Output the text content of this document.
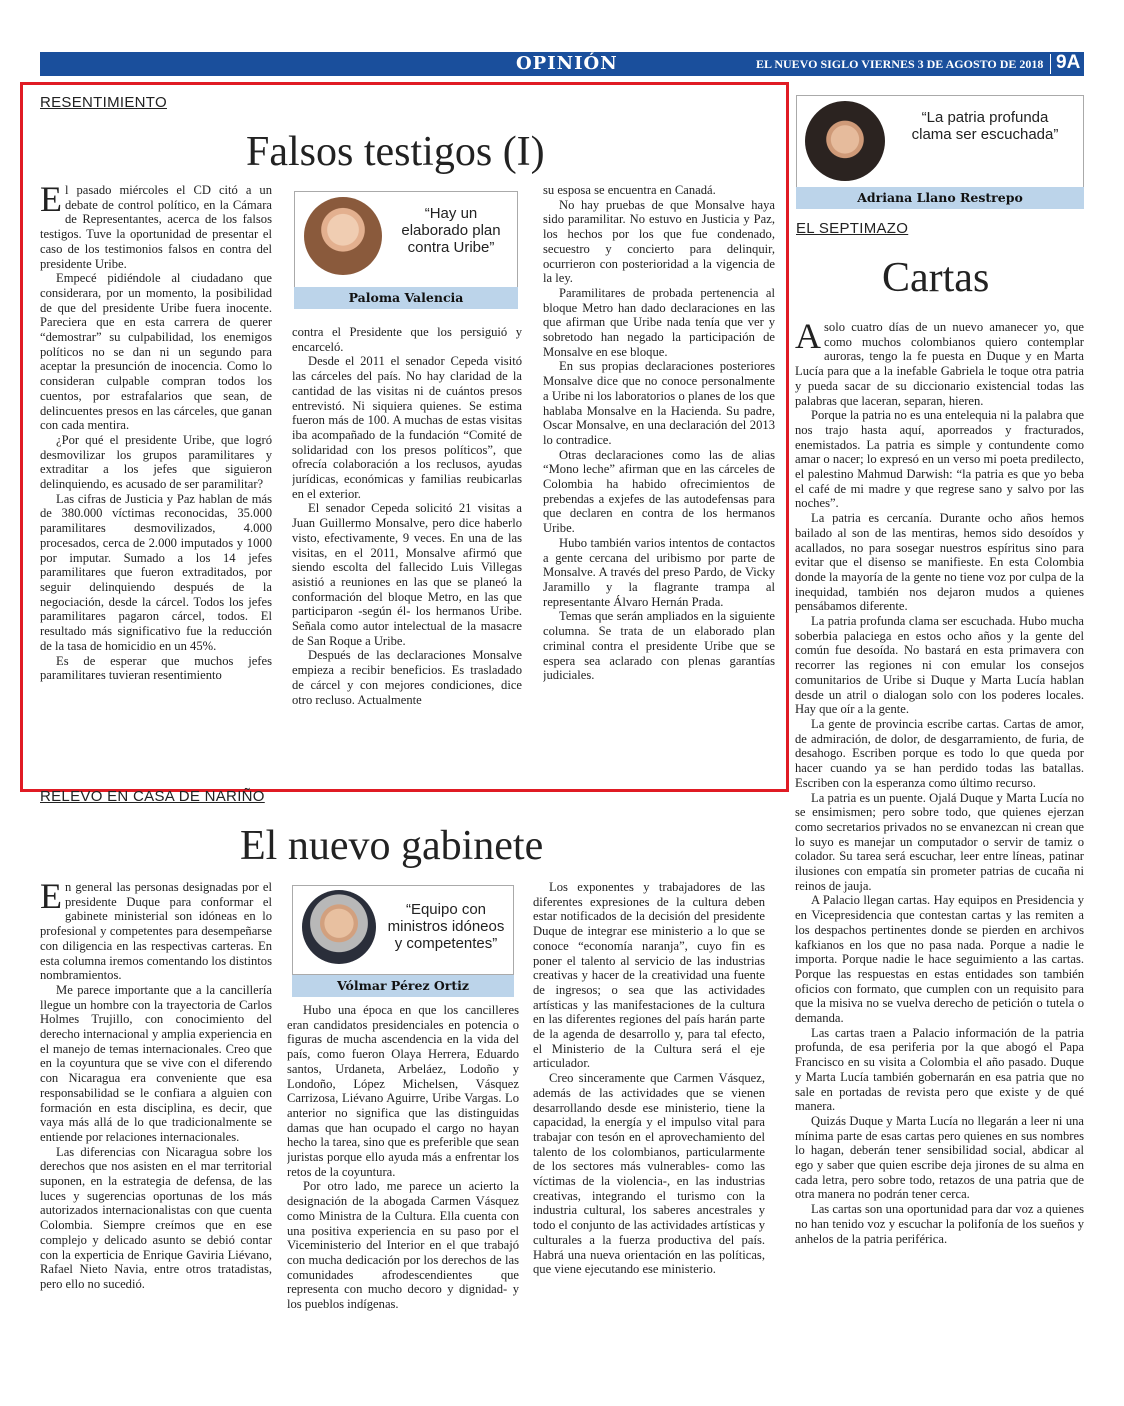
OPINIÓN	EL NUEVO SIGLO VIERNES 3 DE AGOSTO DE 2018 9A
RESENTIMIENTO
Falsos testigos (I)

El pasado miércoles el CD citó a un debate de control político, en la Cámara de Representantes, acerca de los falsos testigos. Tuve la oportunidad de presentar el caso de los testimonios falsos en contra del presidente Uribe.

Empecé pidiéndole al ciudadano que considerara, por un momento, la posibilidad de que del presidente Uribe fuera inocente. Pareciera que en esta carrera de querer “demostrar” su culpabilidad, los enemigos políticos no se dan ni un segundo para aceptar la presunción de inocencia. Como lo consideran culpable compran todos los cuentos, por estrafalarios que sean, de delincuentes presos en las cárceles, que ganan con cada mentira.

¿Por qué el presidente Uribe, que logró desmovilizar los grupos paramilitares y extraditar a los jefes que siguieron delinquiendo, es acusado de ser paramilitar?

Las cifras de Justicia y Paz hablan de más de 380.000 víctimas reconocidas, 35.000 paramilitares desmovilizados, 4.000 procesados, cerca de 2.000 imputados y 1000 por imputar. Sumado a los 14 jefes paramilitares que fueron extraditados, por seguir delinquiendo después de la negociación, desde la cárcel. Todos los jefes paramilitares pagaron cárcel, todos. El resultado más significativo fue la reducción de la tasa de homicidio en un 45%.

Es de esperar que muchos jefes paramilitares tuvieran resentimiento

“Hay un elaborado plan contra Uribe”
Paloma Valencia

contra el Presidente que los persiguió y encarceló.

Desde el 2011 el senador Cepeda visitó las cárceles del país. No hay claridad de la cantidad de las visitas ni de cuántos presos entrevistó. Ni siquiera quienes. Se estima fueron más de 100. A muchas de estas visitas iba acompañado de la fundación “Comité de solidaridad con los presos políticos”, que ofrecía colaboración a los reclusos, ayudas jurídicas, económicas y familias reubicarlas en el exterior.

El senador Cepeda solicitó 21 visitas a Juan Guillermo Monsalve, pero dice haberlo visto, efectivamente, 9 veces. En una de las visitas, en el 2011, Monsalve afirmó que siendo escolta del fallecido Luis Villegas asistió a reuniones en las que se planeó la conformación del bloque Metro, en las que participaron -según él- los hermanos Uribe. Señala como autor intelectual de la masacre de San Roque a Uribe.

Después de las declaraciones Monsalve empieza a recibir beneficios. Es trasladado de cárcel y con mejores condiciones, dice otro recluso. Actualmente

su esposa se encuentra en Canadá.

No hay pruebas de que Monsalve haya sido paramilitar. No estuvo en Justicia y Paz, los hechos por los que fue condenado, secuestro y concierto para delinquir, ocurrieron con posterioridad a la vigencia de la ley.

Paramilitares de probada pertenencia al bloque Metro han dado declaraciones en las que afirman que Uribe nada tenía que ver y sobretodo han negado la participación de Monsalve en ese bloque.

En sus propias declaraciones posteriores Monsalve dice que no conoce personalmente a Uribe ni los laboratorios o planes de los que hablaba Monsalve en la Hacienda. Su padre, Oscar Monsalve, en una declaración del 2013 lo contradice.

Otras declaraciones como las de alias “Mono leche” afirman que en las cárceles de Colombia ha habido ofrecimientos de prebendas a exjefes de las autodefensas para que declaren en contra de los hermanos Uribe.

Hubo también varios intentos de contactos a gente cercana del uribismo por parte de Monsalve. A través del preso Pardo, de Vicky Jaramillo y la flagrante trampa al representante Álvaro Hernán Prada.

Temas que serán ampliados en la siguiente columna. Se trata de un elaborado plan criminal contra el presidente Uribe que se espera sea aclarado con plenas garantías judiciales.

RELEVO EN CASA DE NARIÑO
El nuevo gabinete

En general las personas designadas por el presidente Duque para conformar el gabinete ministerial son idóneas en lo profesional y competentes para desempeñarse con diligencia en las respectivas carteras. En esta columna iremos comentando los distintos nombramientos.

Me parece importante que a la cancillería llegue un hombre con la trayectoria de Carlos Holmes Trujillo, con conocimiento del derecho internacional y amplia experiencia en el manejo de temas internacionales. Creo que en la coyuntura que se vive con el diferendo con Nicaragua era conveniente que esa responsabilidad se le confiara a alguien con formación en esta disciplina, es decir, que vaya más allá de lo que tradicionalmente se entiende por relaciones internacionales.

Las diferencias con Nicaragua sobre los derechos que nos asisten en el mar territorial suponen, en la estrategia de defensa, de las luces y sugerencias oportunas de los más autorizados internacionalistas con que cuenta Colombia. Siempre creímos que en ese complejo y delicado asunto se debió contar con la experticia de Enrique Gaviria Liévano, Rafael Nieto Navia, entre otros tratadistas, pero ello no sucedió.

“Equipo con ministros idóneos y competentes”
Vólmar Pérez Ortiz

Hubo una época en que los cancilleres eran candidatos presidenciales en potencia o figuras de mucha ascendencia en la vida del país, como fueron Olaya Herrera, Eduardo santos, Urdaneta, Arbeláez, Lodoño y Londoño, López Michelsen, Vásquez Carrizosa, Liévano Aguirre, Uribe Vargas. Lo anterior no significa que las distinguidas damas que han ocupado el cargo no hayan hecho la tarea, sino que es preferible que sean juristas porque ello ayuda más a enfrentar los retos de la coyuntura.

Por otro lado, me parece un acierto la designación de la abogada Carmen Vásquez como Ministra de la Cultura. Ella cuenta con una positiva experiencia en su paso por el Viceministerio del Interior en el que trabajó con mucha dedicación por los derechos de las comunidades afrodescendientes que representa con mucho decoro y dignidad- y los pueblos indígenas.

Los exponentes y trabajadores de las diferentes expresiones de la cultura deben estar notificados de la decisión del presidente Duque de integrar ese ministerio a lo que se conoce “economía naranja”, cuyo fin es poner el talento al servicio de las industrias creativas y hacer de la creatividad una fuente de ingresos; o sea que las actividades artísticas y las manifestaciones de la cultura en las diferentes regiones del país harán parte de la agenda de desarrollo y, para tal efecto, el Ministerio de la Cultura será el eje articulador.

Creo sinceramente que Carmen Vásquez, además de las actividades que se vienen desarrollando desde ese ministerio, tiene la capacidad, la energía y el impulso vital para trabajar con tesón en el aprovechamiento del talento de los colombianos, particularmente de los sectores más vulnerables- como las víctimas de la violencia-, en las industrias creativas, integrando el turismo con la industria cultural, los saberes ancestrales y todo el conjunto de las actividades artísticas y culturales a la fuerza productiva del país. Habrá una nueva orientación en las políticas, que viene ejecutando ese ministerio.

“La patria profunda clama ser escuchada”
Adriana Llano Restrepo
EL SEPTIMAZO
Cartas

Asolo cuatro días de un nuevo amanecer yo, que como muchos colombianos quiero contemplar auroras, tengo la fe puesta en Duque y en Marta Lucía para que a la inefable Gabriela le toque otra patria y pueda sacar de su diccionario existencial todas las palabras que laceran, separan, hieren.

Porque la patria no es una entelequia ni la palabra que nos trajo hasta aquí, aporreados y fracturados, enemistados. La patria es simple y contundente como amar o nacer; lo expresó en un verso mi poeta predilecto, el palestino Mahmud Darwish: “la patria es que yo beba el café de mi madre y que regrese sano y salvo por las noches”.

La patria es cercanía. Durante ocho años hemos bailado al son de las mentiras, hemos sido desoídos y acallados, no para sosegar nuestros espíritus sino para evitar que el disenso se manifieste. En esta Colombia donde la mayoría de la gente no tiene voz por culpa de la inequidad, también nos dejaron mudos a quienes pensábamos diferente.

La patria profunda clama ser escuchada. Hubo mucha soberbia palaciega en estos ocho años y la gente del común fue desoída. No bastará en esta primavera con recorrer las regiones ni con emular los consejos comunitarios de Uribe si Duque y Marta Lucía hablan desde un atril o dialogan solo con los poderes locales. Hay que oír a la gente.

La gente de provincia escribe cartas. Cartas de amor, de admiración, de dolor, de desgarramiento, de furia, de desahogo. Escriben porque es todo lo que queda por hacer cuando ya se han perdido todas las batallas. Escriben con la esperanza como último recurso.

La patria es un puente. Ojalá Duque y Marta Lucía no se ensimismen; pero sobre todo, que quienes ejerzan como secretarios privados no se envanezcan ni crean que lo suyo es manejar un computador o servir de tamiz o colador. Su tarea será escuchar, leer entre líneas, patinar ilusiones con empatía sin prometer patrias de cucaña ni reinos de jauja.

A Palacio llegan cartas. Hay equipos en Presidencia y en Vicepresidencia que contestan cartas y las remiten a los despachos pertinentes donde se pierden en archivos kafkianos en los que no pasa nada. Porque a nadie le importa. Porque nadie le hace seguimiento a las cartas. Porque las respuestas en estas entidades son también oficios con formato, que cumplen con un requisito para que la misiva no se vuelva derecho de petición o tutela o demanda.

Las cartas traen a Palacio información de la patria profunda, de esa periferia por la que abogó el Papa Francisco en su visita a Colombia el año pasado. Duque y Marta Lucía también gobernarán en esa patria que no sale en portadas de revista pero que existe y de qué manera.

Quizás Duque y Marta Lucía no llegarán a leer ni una mínima parte de esas cartas pero quienes en sus nombres lo hagan, deberán tener sensibilidad social, abdicar al ego y saber que quien escribe deja jirones de su alma en cada letra, pero sobre todo, retazos de una patria que de otra manera no podrán tener cerca.

Las cartas son una oportunidad para dar voz a quienes no han tenido voz y escuchar la polifonía de los sueños y anhelos de la patria periférica.
